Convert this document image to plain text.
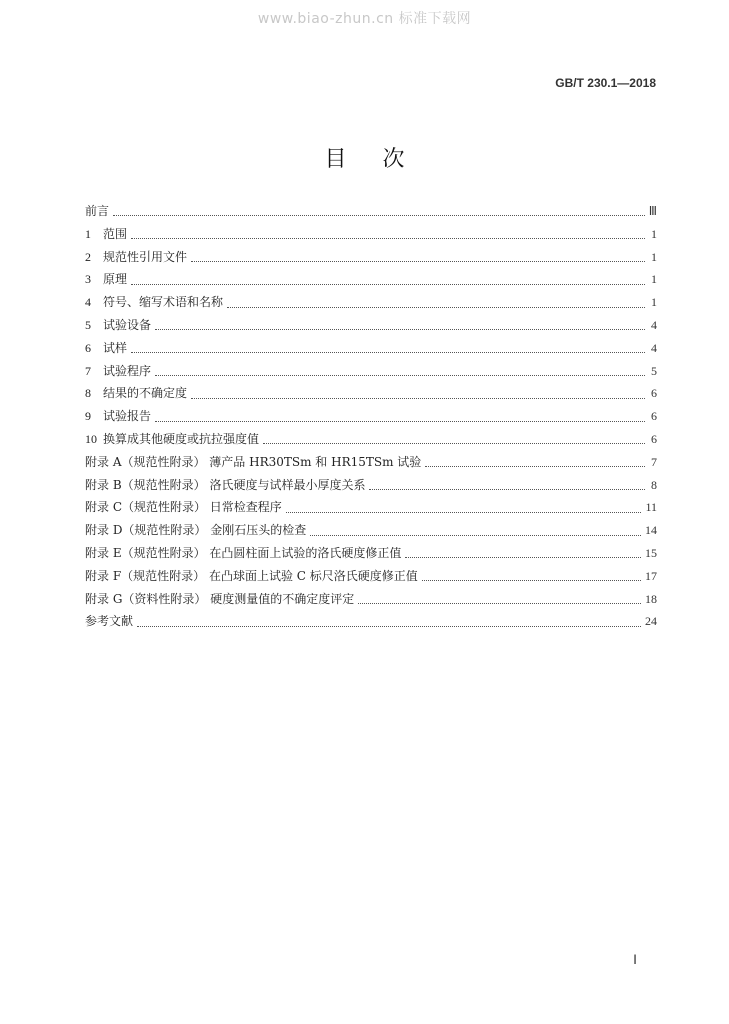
www.biao-zhun.cn 标准下载网
GB/T 230.1—2018
目次
前言	Ⅲ
1 范围	1
2 规范性引用文件	1
3 原理	1
4 符号、缩写术语和名称	1
5 试验设备	4
6 试样	4
7 试验程序	5
8 结果的不确定度	6
9 试验报告	6
10 换算成其他硬度或抗拉强度值	6
附录 A（规范性附录） 薄产品 HR30TSm 和 HR15TSm 试验	7
附录 B（规范性附录） 洛氏硬度与试样最小厚度关系	8
附录 C（规范性附录） 日常检查程序	11
附录 D（规范性附录） 金刚石压头的检查	14
附录 E（规范性附录） 在凸圆柱面上试验的洛氏硬度修正值	15
附录 F（规范性附录） 在凸球面上试验 C 标尺洛氏硬度修正值	17
附录 G（资料性附录） 硬度测量值的不确定度评定	18
参考文献	24
Ⅰ
